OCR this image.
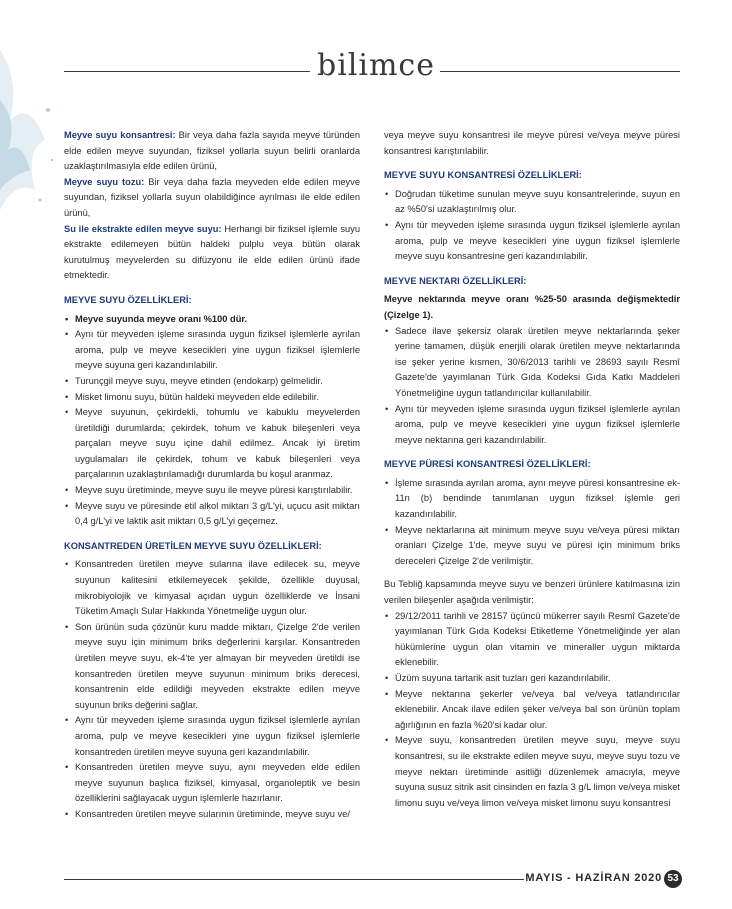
bilimce

Meyve suyu konsantresi: Bir veya daha fazla sayıda meyve türünden elde edilen meyve suyundan, fiziksel yollarla suyun belirli oranlarda uzaklaştırılmasıyla elde edilen ürünü,

Meyve suyu tozu: Bir veya daha fazla meyveden elde edilen meyve suyundan, fiziksel yollarla suyun olabildiğince ayrılması ile elde edilen ürünü,

Su ile ekstrakte edilen meyve suyu: Herhangi bir fiziksel işlemle suyu ekstrakte edilemeyen bütün haldeki pulplu veya bütün olarak kurutulmuş meyvelerden su difüzyonu ile elde edilen ürünü ifade etmektedir.

MEYVE SUYU ÖZELLİKLERİ:
• Meyve suyunda meyve oranı %100 dür.
• Aynı tür meyveden işleme sırasında uygun fiziksel işlemlerle ayrılan aroma, pulp ve meyve kesecikleri yine uygun fiziksel işlemlerle meyve suyuna geri kazandırılabilir.
• Turunçgil meyve suyu, meyve etinden (endokarp) gelmelidir.
• Misket limonu suyu, bütün haldeki meyveden elde edilebilir.
• Meyve suyunun, çekirdekli, tohumlu ve kabuklu meyvelerden üretildiği durumlarda; çekirdek, tohum ve kabuk bileşenleri veya parçaları meyve suyu içine dahil edilmez. Ancak iyi üretim uygulamaları ile çekirdek, tohum ve kabuk bileşenleri veya parçalarının uzaklaştırılamadığı durumlarda bu koşul aranmaz.
• Meyve suyu üretiminde, meyve suyu ile meyve püresi karıştırılabilir.
• Meyve suyu ve püresinde etil alkol miktarı 3 g/L'yi, uçucu asit miktarı 0,4 g/L'yi ve laktik asit miktarı 0,5 g/L'yi geçemez.
KONSANTREDEN ÜRETİLEN MEYVE SUYU ÖZELLİKLERİ:
• Konsantreden üretilen meyve sularına ilave edilecek su, meyve suyunun kalitesini etkilemeyecek şekilde, özellikle duyusal, mikrobiyolojik ve kimyasal açıdan uygun özelliklerde ve İnsani Tüketim Amaçlı Sular Hakkında Yönetmeliğe uygun olur.
• Son ürünün suda çözünür kuru madde miktarı, Çizelge 2'de verilen meyve suyu için minimum briks değerlerini karşılar. Konsantreden üretilen meyve suyu, ek-4'te yer almayan bir meyveden üretildi ise konsantreden üretilen meyve suyunun minimum briks derecesi, konsantrenin elde edildiği meyveden ekstrakte edilen meyve suyunun briks değerini sağlar.
• Aynı tür meyveden işleme sırasında uygun fiziksel işlemlerle ayrılan aroma, pulp ve meyve kesecikleri yine uygun fiziksel işlemlerle konsantreden üretilen meyve suyuna geri kazandırılabilir.
• Konsantreden üretilen meyve suyu, aynı meyveden elde edilen meyve suyunun başlıca fiziksel, kimyasal, organoleptik ve besin özelliklerini sağlayacak uygun işlemlerle hazırlanır.
• Konsantreden üretilen meyve sularının üretiminde, meyve suyu ve/

veya meyve suyu konsantresi ile meyve püresi ve/veya meyve püresi konsantresi karıştırılabilir.

MEYVE SUYU KONSANTRESİ ÖZELLİKLERİ:
• Doğrudan tüketime sunulan meyve suyu konsantrelerinde, suyun en az %50'si uzaklaştırılmış olur.
• Aynı tür meyveden işleme sırasında uygun fiziksel işlemlerle ayrılan aroma, pulp ve meyve kesecikleri yine uygun fiziksel işlemlerle meyve suyu konsantresine geri kazandırılabilir.
MEYVE NEKTARI ÖZELLİKLERİ:

Meyve nektarında meyve oranı %25-50 arasında değişmektedir (Çizelge 1).

• Sadece ilave şekersiz olarak üretilen meyve nektarlarında şeker yerine tamamen, düşük enerjili olarak üretilen meyve nektarlarında ise şeker yerine kısmen, 30/6/2013 tarihli ve 28693 sayılı Resmî Gazete'de yayımlanan Türk Gıda Kodeksi Gıda Katkı Maddeleri Yönetmeliğine uygun tatlandırıcılar kullanılabilir.
• Aynı tür meyveden işleme sırasında uygun fiziksel işlemlerle ayrılan aroma, pulp ve meyve kesecikleri yine uygun fiziksel işlemlerle meyve nektarına geri kazandırılabilir.
MEYVE PÜRESİ KONSANTRESİ ÖZELLİKLERİ:
• İşleme sırasında ayrılan aroma, aynı meyve püresi konsantresine ek-11n (b) bendinde tanımlanan uygun fiziksel işlemle geri kazandırılabilir.
• Meyve nektarlarına ait minimum meyve suyu ve/veya püresi miktarı oranları Çizelge 1'de, meyve suyu ve püresi için minimum briks dereceleri Çizelge 2'de verilmiştir.

Bu Tebliğ kapsamında meyve suyu ve benzeri ürünlere katılmasına izin verilen bileşenler aşağıda verilmiştir:

• 29/12/2011 tarihli ve 28157 üçüncü mükerrer sayılı Resmî Gazete'de yayımlanan Türk Gıda Kodeksi Etiketleme Yönetmeliğinde yer alan hükümlerine uygun olan vitamin ve mineraller uygun miktarda eklenebilir.
• Üzüm suyuna tartarik asit tuzları geri kazandırılabilir.
• Meyve nektarına şekerler ve/veya bal ve/veya tatlandırıcılar eklenebilir. Ancak ilave edilen şeker ve/veya bal son ürünün toplam ağırlığının en fazla %20'si kadar olur.
• Meyve suyu, konsantreden üretilen meyve suyu, meyve suyu konsantresi, su ile ekstrakte edilen meyve suyu, meyve suyu tozu ve meyve nektarı üretiminde asitliği düzenlemek amacıyla, meyve suyuna susuz sitrik asit cinsinden en fazla 3 g/L limon ve/veya misket limonu suyu ve/veya limon ve/veya misket limonu suyu konsantresi
MAYIS - HAZİRAN 2020 53
